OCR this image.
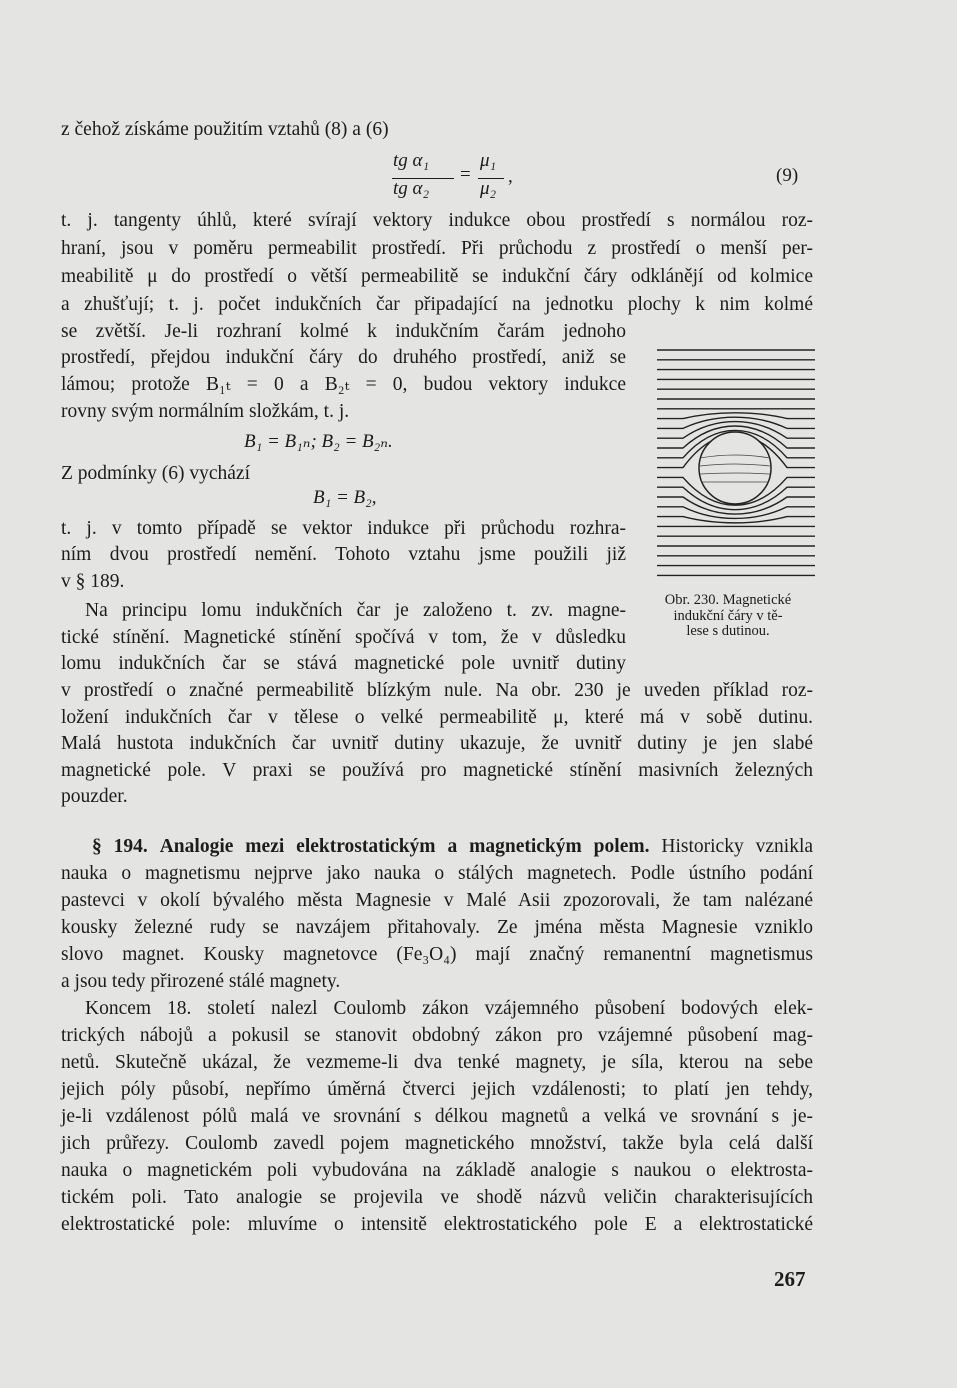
z čehož získáme použitím vztahů (8) a (6)
tg α₁
tg α₂
=
μ₁
μ₂
,	(9)
t. j. tangenty úhlů, které svírají vektory indukce obou prostředí s normálou roz-
hraní, jsou v poměru permeabilit prostředí. Při průchodu z prostředí o menší per-
meabilitě μ do prostředí o větší permeabilitě se indukční čáry odklánějí od kolmice
a zhušťují; t. j. počet indukčních čar připadající na jednotku plochy k nim kolmé
se zvětší. Je-li rozhraní kolmé k indukčním čarám jednoho
prostředí, přejdou indukční čáry do druhého prostředí, aniž se
lámou; protože B₁ₜ = 0 a B₂ₜ = 0, budou vektory indukce
rovny svým normálním složkám, t. j.
B₁ = B₁ₙ; B₂ = B₂ₙ.
Z podmínky (6) vychází
B₁ = B₂,
t. j. v tomto případě se vektor indukce při průchodu rozhra-
ním dvou prostředí nemění. Tohoto vztahu jsme použili již
v § 189.
Na principu lomu indukčních čar je založeno t. zv. magne-
tické stínění. Magnetické stínění spočívá v tom, že v důsledku
lomu indukčních čar se stává magnetické pole uvnitř dutiny
v prostředí o značné permeabilitě blízkým nule. Na obr. 230 je uveden příklad roz-
ložení indukčních čar v tělese o velké permeabilitě μ, které má v sobě dutinu.
Malá hustota indukčních čar uvnitř dutiny ukazuje, že uvnitř dutiny je jen slabé
magnetické pole. V praxi se používá pro magnetické stínění masivních železných
pouzder.
Obr. 230. Magnetické
indukční čáry v tě-
lese s dutinou.
§ 194. Analogie mezi elektrostatickým a magnetickým polem. Historicky vznikla
nauka o magnetismu nejprve jako nauka o stálých magnetech. Podle ústního podání
pastevci v okolí bývalého města Magnesie v Malé Asii zpozorovali, že tam nalézané
kousky železné rudy se navzájem přitahovaly. Ze jména města Magnesie vzniklo
slovo magnet. Kousky magnetovce (Fe₃O₄) mají značný remanentní magnetismus
a jsou tedy přirozené stálé magnety.
Koncem 18. století nalezl Coulomb zákon vzájemného působení bodových elek-
trických nábojů a pokusil se stanovit obdobný zákon pro vzájemné působení mag-
netů. Skutečně ukázal, že vezmeme-li dva tenké magnety, je síla, kterou na sebe
jejich póly působí, nepřímo úměrná čtverci jejich vzdálenosti; to platí jen tehdy,
je-li vzdálenost pólů malá ve srovnání s délkou magnetů a velká ve srovnání s je-
jich průřezy. Coulomb zavedl pojem magnetického množství, takže byla celá další
nauka o magnetickém poli vybudována na základě analogie s naukou o elektrosta-
tickém poli. Tato analogie se projevila ve shodě názvů veličin charakterisujících
elektrostatické pole: mluvíme o intensitě elektrostatického pole E a elektrostatické
267
